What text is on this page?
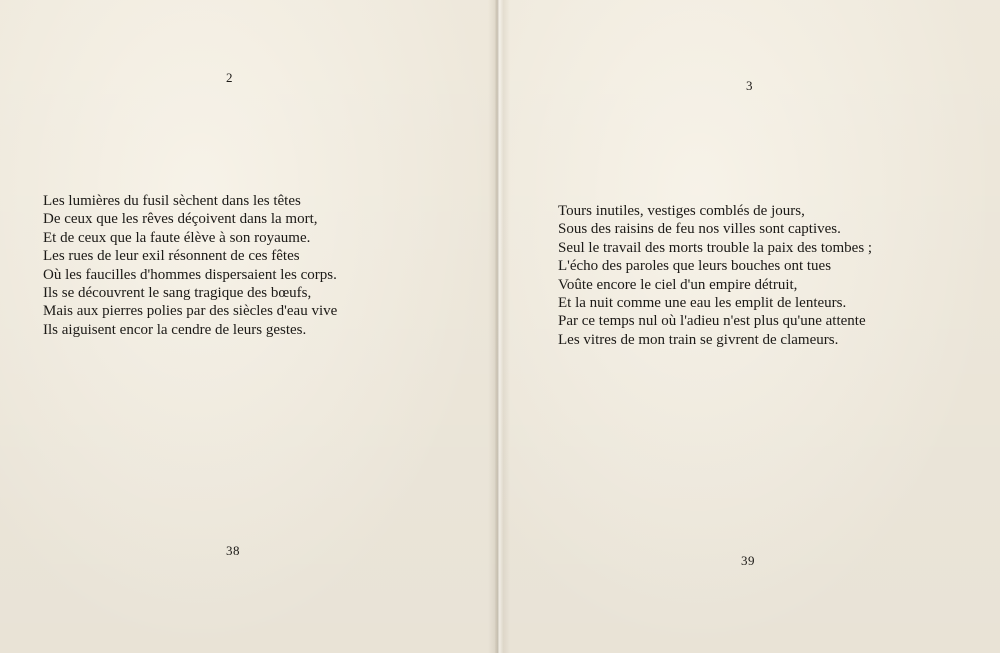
2
Les lumières du fusil sèchent dans les têtes
De ceux que les rêves déçoivent dans la mort,
Et de ceux que la faute élève à son royaume.
Les rues de leur exil résonnent de ces fêtes
Où les faucilles d'hommes dispersaient les corps.
Ils se découvrent le sang tragique des bœufs,
Mais aux pierres polies par des siècles d'eau vive
Ils aiguisent encor la cendre de leurs gestes.
38
3
Tours inutiles, vestiges comblés de jours,
Sous des raisins de feu nos villes sont captives.
Seul le travail des morts trouble la paix des tombes ;
L'écho des paroles que leurs bouches ont tues
Voûte encore le ciel d'un empire détruit,
Et la nuit comme une eau les emplit de lenteurs.
Par ce temps nul où l'adieu n'est plus qu'une attente
Les vitres de mon train se givrent de clameurs.
39
